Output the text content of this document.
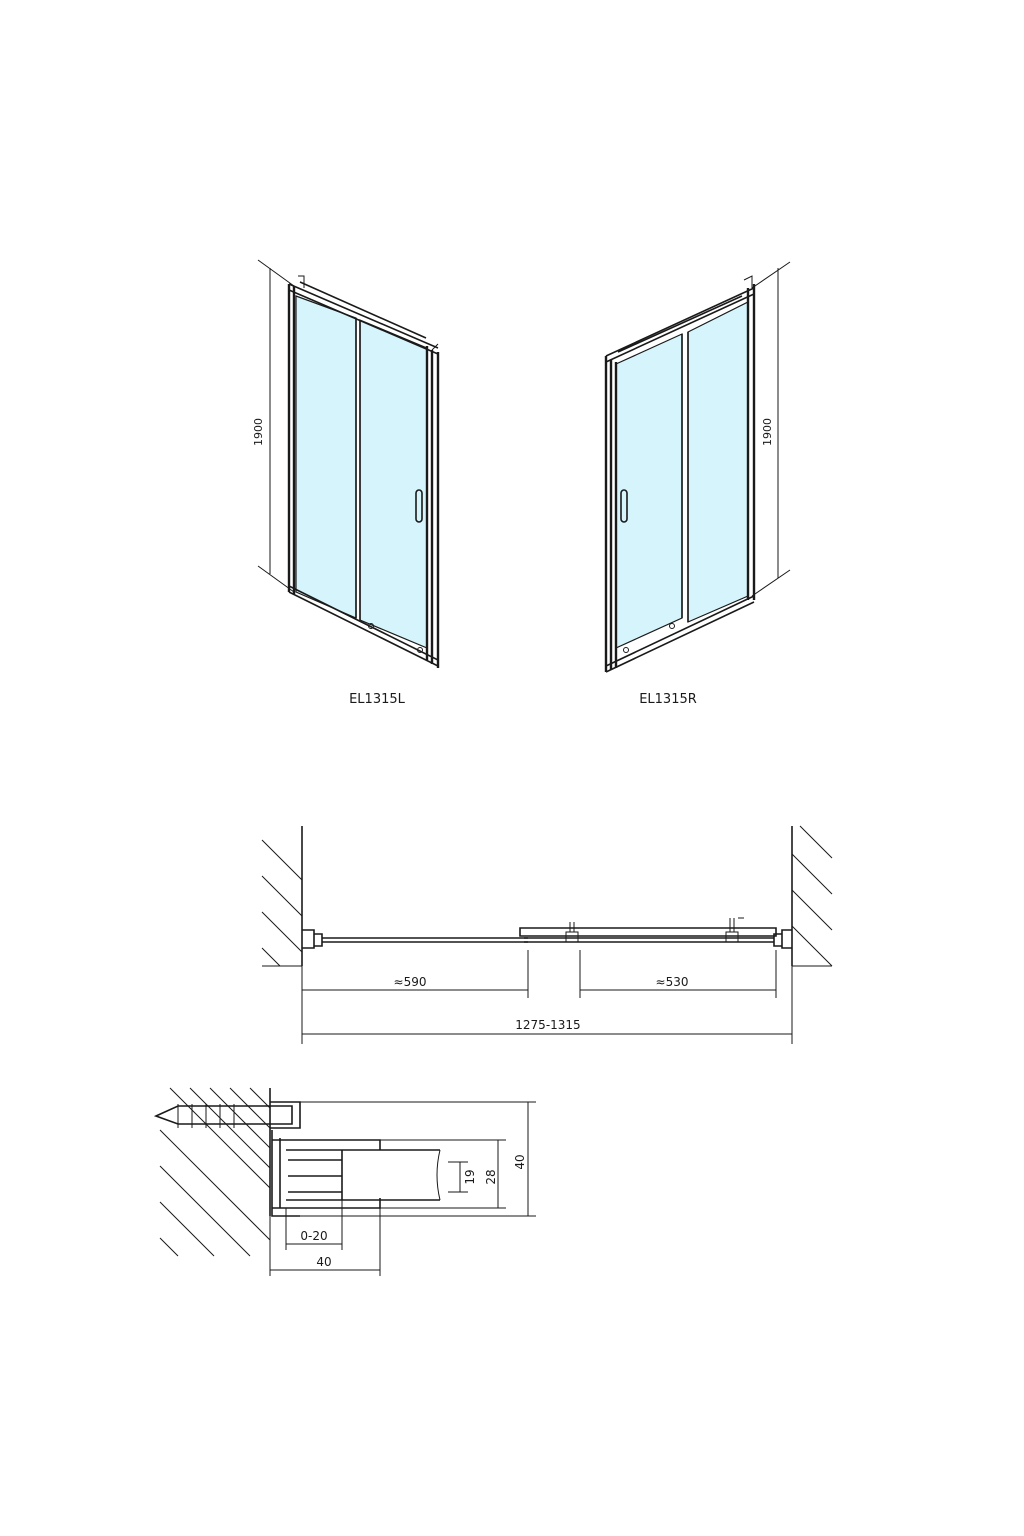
1900
EL1315L
1900
EL1315R
≈590	≈530
1275-1315
19 28
40
0-20
40
